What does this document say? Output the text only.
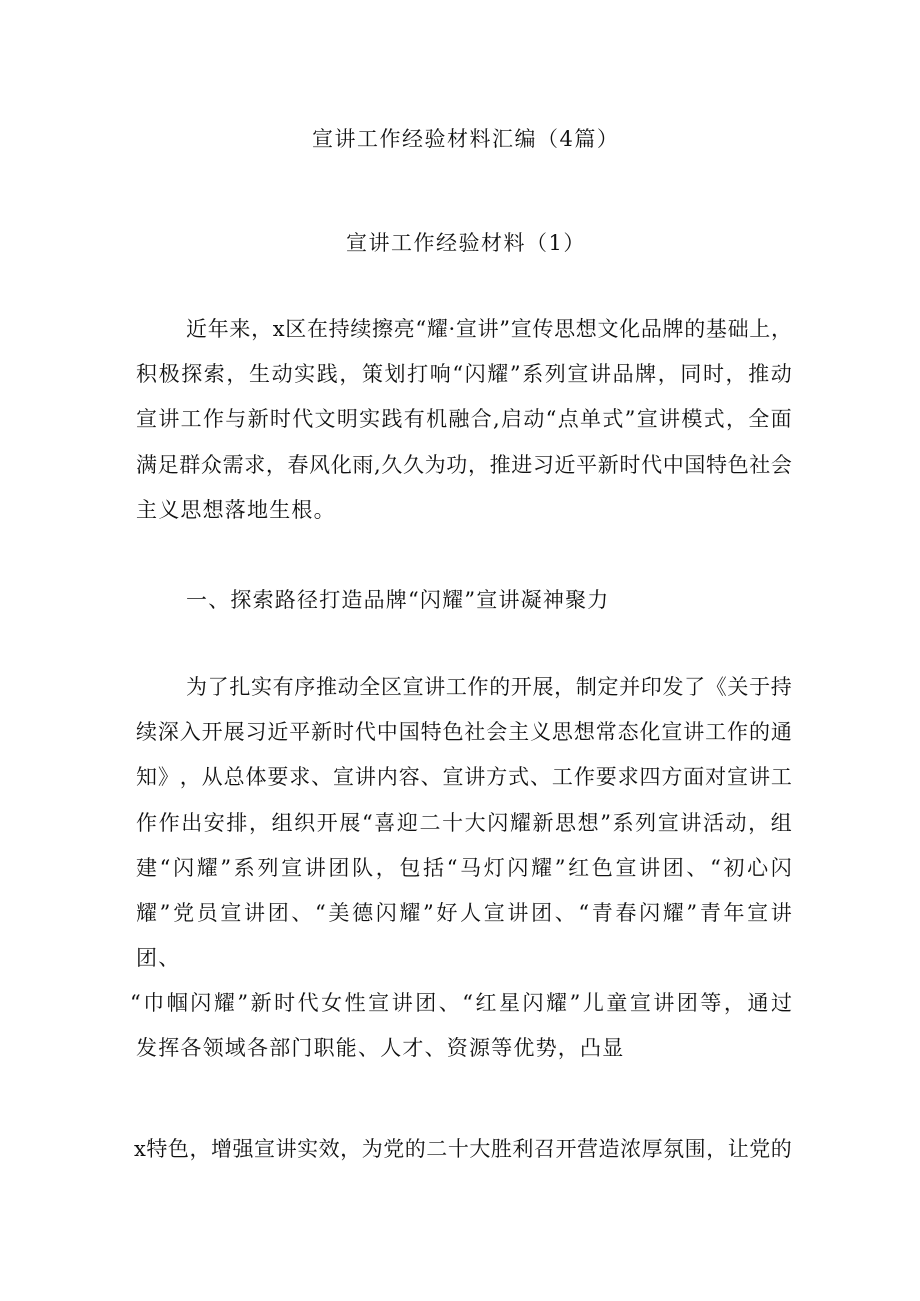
宣讲工作经验材料汇编（4篇）
宣讲工作经验材料（1）
近 年 来 ， x 区 在 持 续 擦 亮 “ 耀 · 宣 讲 ” 宣 传 思 想 文 化 品 牌 的 基 础 上 ，
积 极 探 索 ， 生 动 实 践 ， 策 划 打 响 “ 闪 耀 ” 系 列 宣 讲 品 牌 ， 同 时 ， 推 动
宣 讲 工 作 与 新 时 代 文 明 实 践 有 机 融 合 , 启 动 “ 点 单 式 ” 宣 讲 模 式 ， 全 面
满 足 群 众 需 求 ， 春 风 化 雨 , 久 久 为 功 ， 推 进 习 近 平 新 时 代 中 国 特 色 社 会
主义思想落地生根。
一、探索路径打造品牌“闪耀”宣讲凝神聚力
为 了 扎 实 有 序 推 动 全 区 宣 讲 工 作 的 开 展 ， 制 定 并 印 发 了 《 关 于 持
续 深 入 开 展 习 近 平 新 时 代 中 国 特 色 社 会 主 义 思 想 常 态 化 宣 讲 工 作 的 通
知 》 ， 从 总 体 要 求 、 宣 讲 内 容 、 宣 讲 方 式 、 工 作 要 求 四 方 面 对 宣 讲 工
作 作 出 安 排 ， 组 织 开 展 “ 喜 迎 二 十 大 闪 耀 新 思 想 ” 系 列 宣 讲 活 动 ， 组
建 “ 闪 耀 ” 系 列 宣 讲 团 队 ， 包 括 “ 马 灯 闪 耀 ” 红 色 宣 讲 团 、 “ 初 心 闪
耀 ” 党 员 宣 讲 团 、 “ 美 德 闪 耀 ” 好 人 宣 讲 团 、 “ 青 春 闪 耀 ” 青 年 宣 讲
团、
“ 巾 帼 闪 耀 ” 新 时 代 女 性 宣 讲 团 、 “ 红 星 闪 耀 ” 儿 童 宣 讲 团 等 ， 通 过
发挥各领域各部门职能、人才、资源等优势，凸显
x 特 色 ， 增 强 宣 讲 实 效 ， 为 党 的 二 十 大 胜 利 召 开 营 造 浓 厚 氛 围 ， 让 党 的
